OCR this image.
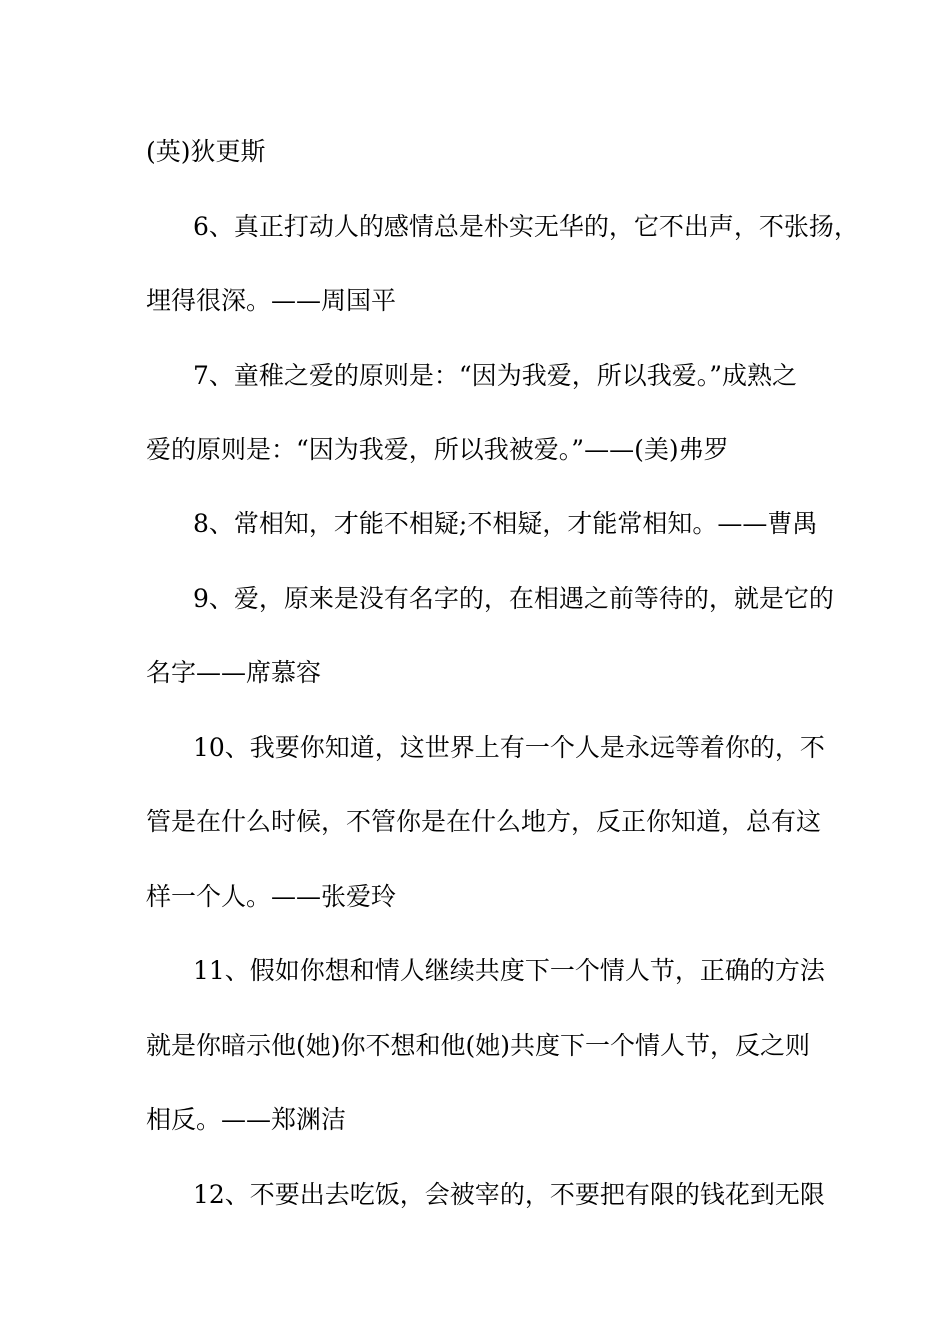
(英)狄更斯
6、真正打动人的感情总是朴实无华的，它不出声，不张扬，
埋得很深。——周国平
7、童稚之爱的原则是：“因为我爱，所以我爱。”成熟之
爱的原则是：“因为我爱，所以我被爱。”——(美)弗罗
8、常相知，才能不相疑;不相疑，才能常相知。——曹禺
9、爱，原来是没有名字的，在相遇之前等待的，就是它的
名字——席慕容
10、我要你知道，这世界上有一个人是永远等着你的，不
管是在什么时候，不管你是在什么地方，反正你知道，总有这
样一个人。——张爱玲
11、假如你想和情人继续共度下一个情人节，正确的方法
就是你暗示他(她)你不想和他(她)共度下一个情人节，反之则
相反。——郑渊洁
12、不要出去吃饭，会被宰的，不要把有限的钱花到无限
